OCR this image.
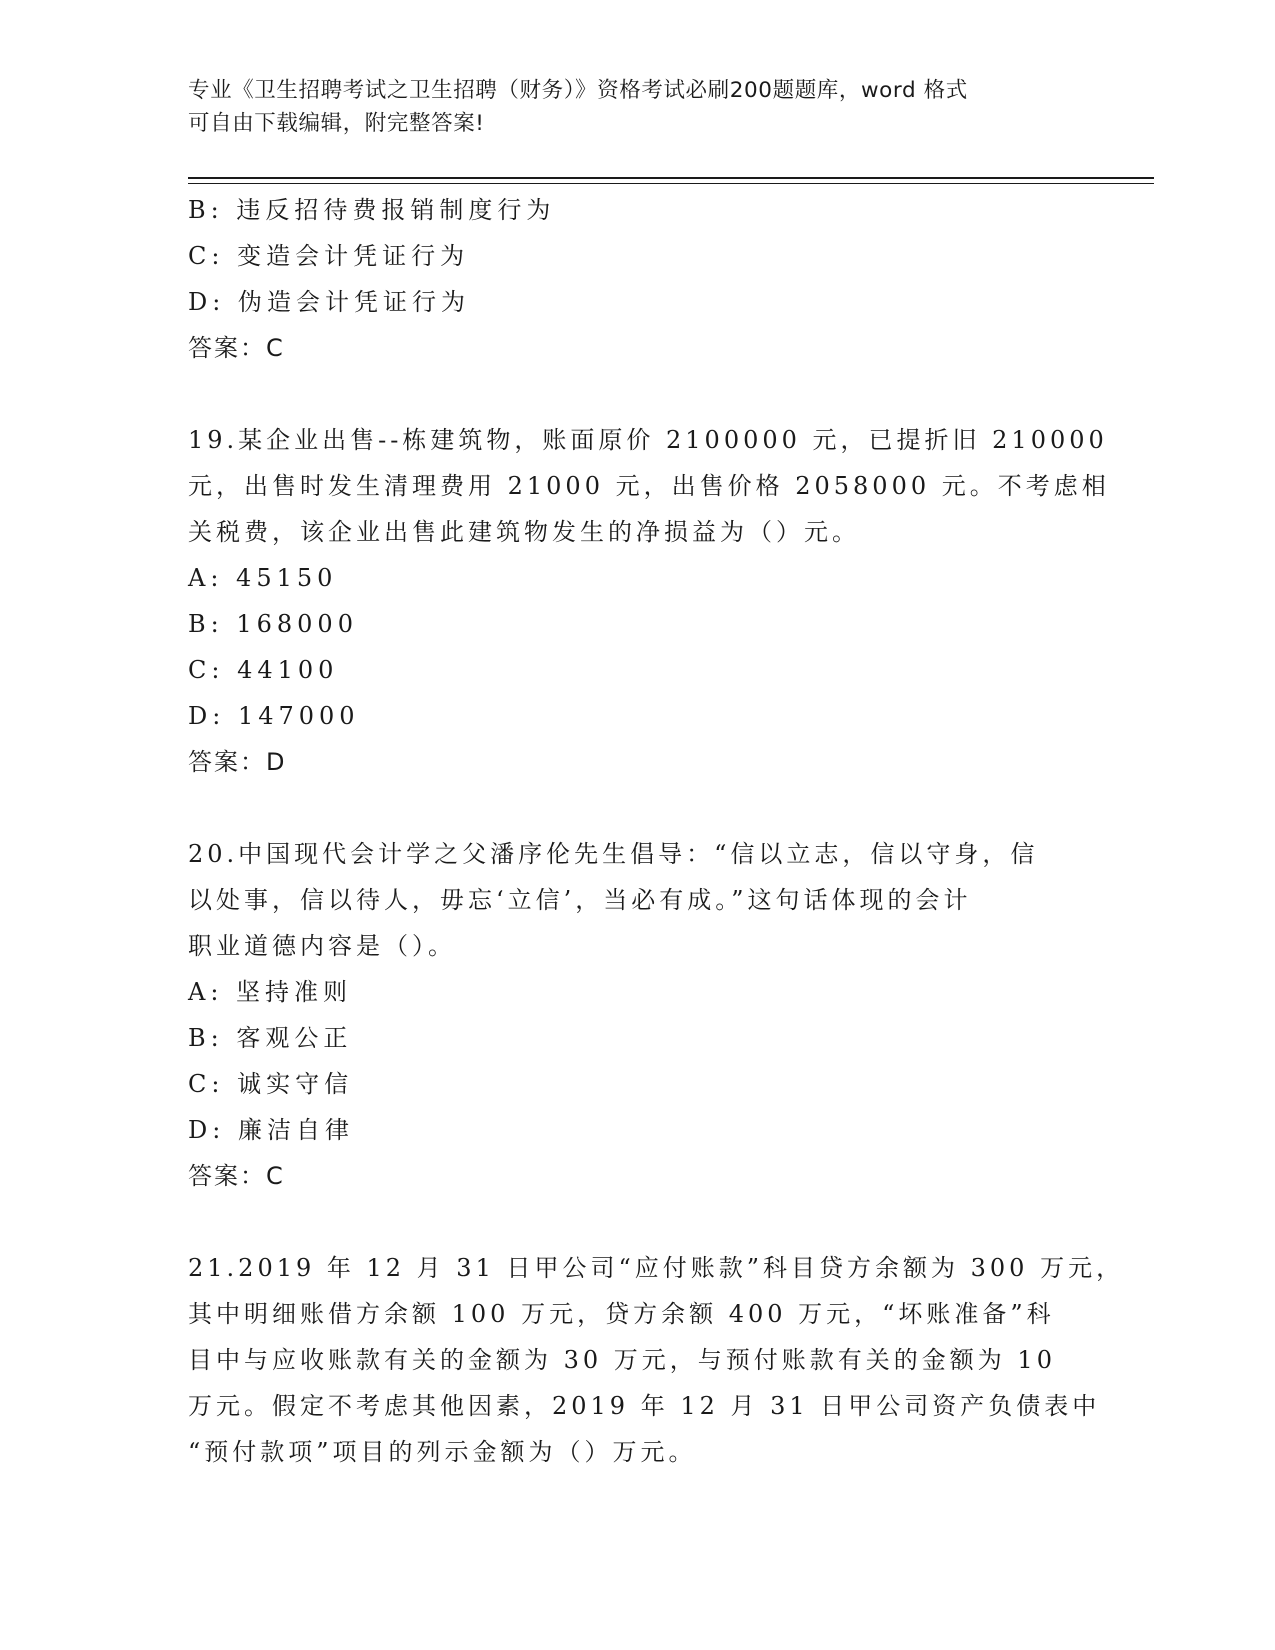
专业《卫生招聘考试之卫生招聘（财务）》资格考试必刷200题题库，word 格式
可自由下载编辑，附完整答案!
B: 违反招待费报销制度行为
C: 变造会计凭证行为
D: 伪造会计凭证行为
答案：C
19.某企业出售--栋建筑物，账面原价 2100000 元，已提折旧 210000
元，出售时发生清理费用 21000 元，出售价格 2058000 元。不考虑相
关税费，该企业出售此建筑物发生的净损益为（）元。
A: 45150
B: 168000
C: 44100
D: 147000
答案：D
20.中国现代会计学之父潘序伦先生倡导：“信以立志，信以守身，信
以处事，信以待人，毋忘‘立信’，当必有成。”这句话体现的会计
职业道德内容是（）。
A: 坚持准则
B: 客观公正
C: 诚实守信
D: 廉洁自律
答案：C
21.2019 年 12 月 31 日甲公司“应付账款”科目贷方余额为 300 万元，
其中明细账借方余额 100 万元，贷方余额 400 万元，“坏账准备”科
目中与应收账款有关的金额为 30 万元，与预付账款有关的金额为 10
万元。假定不考虑其他因素，2019 年 12 月 31 日甲公司资产负债表中
“预付款项”项目的列示金额为（）万元。
